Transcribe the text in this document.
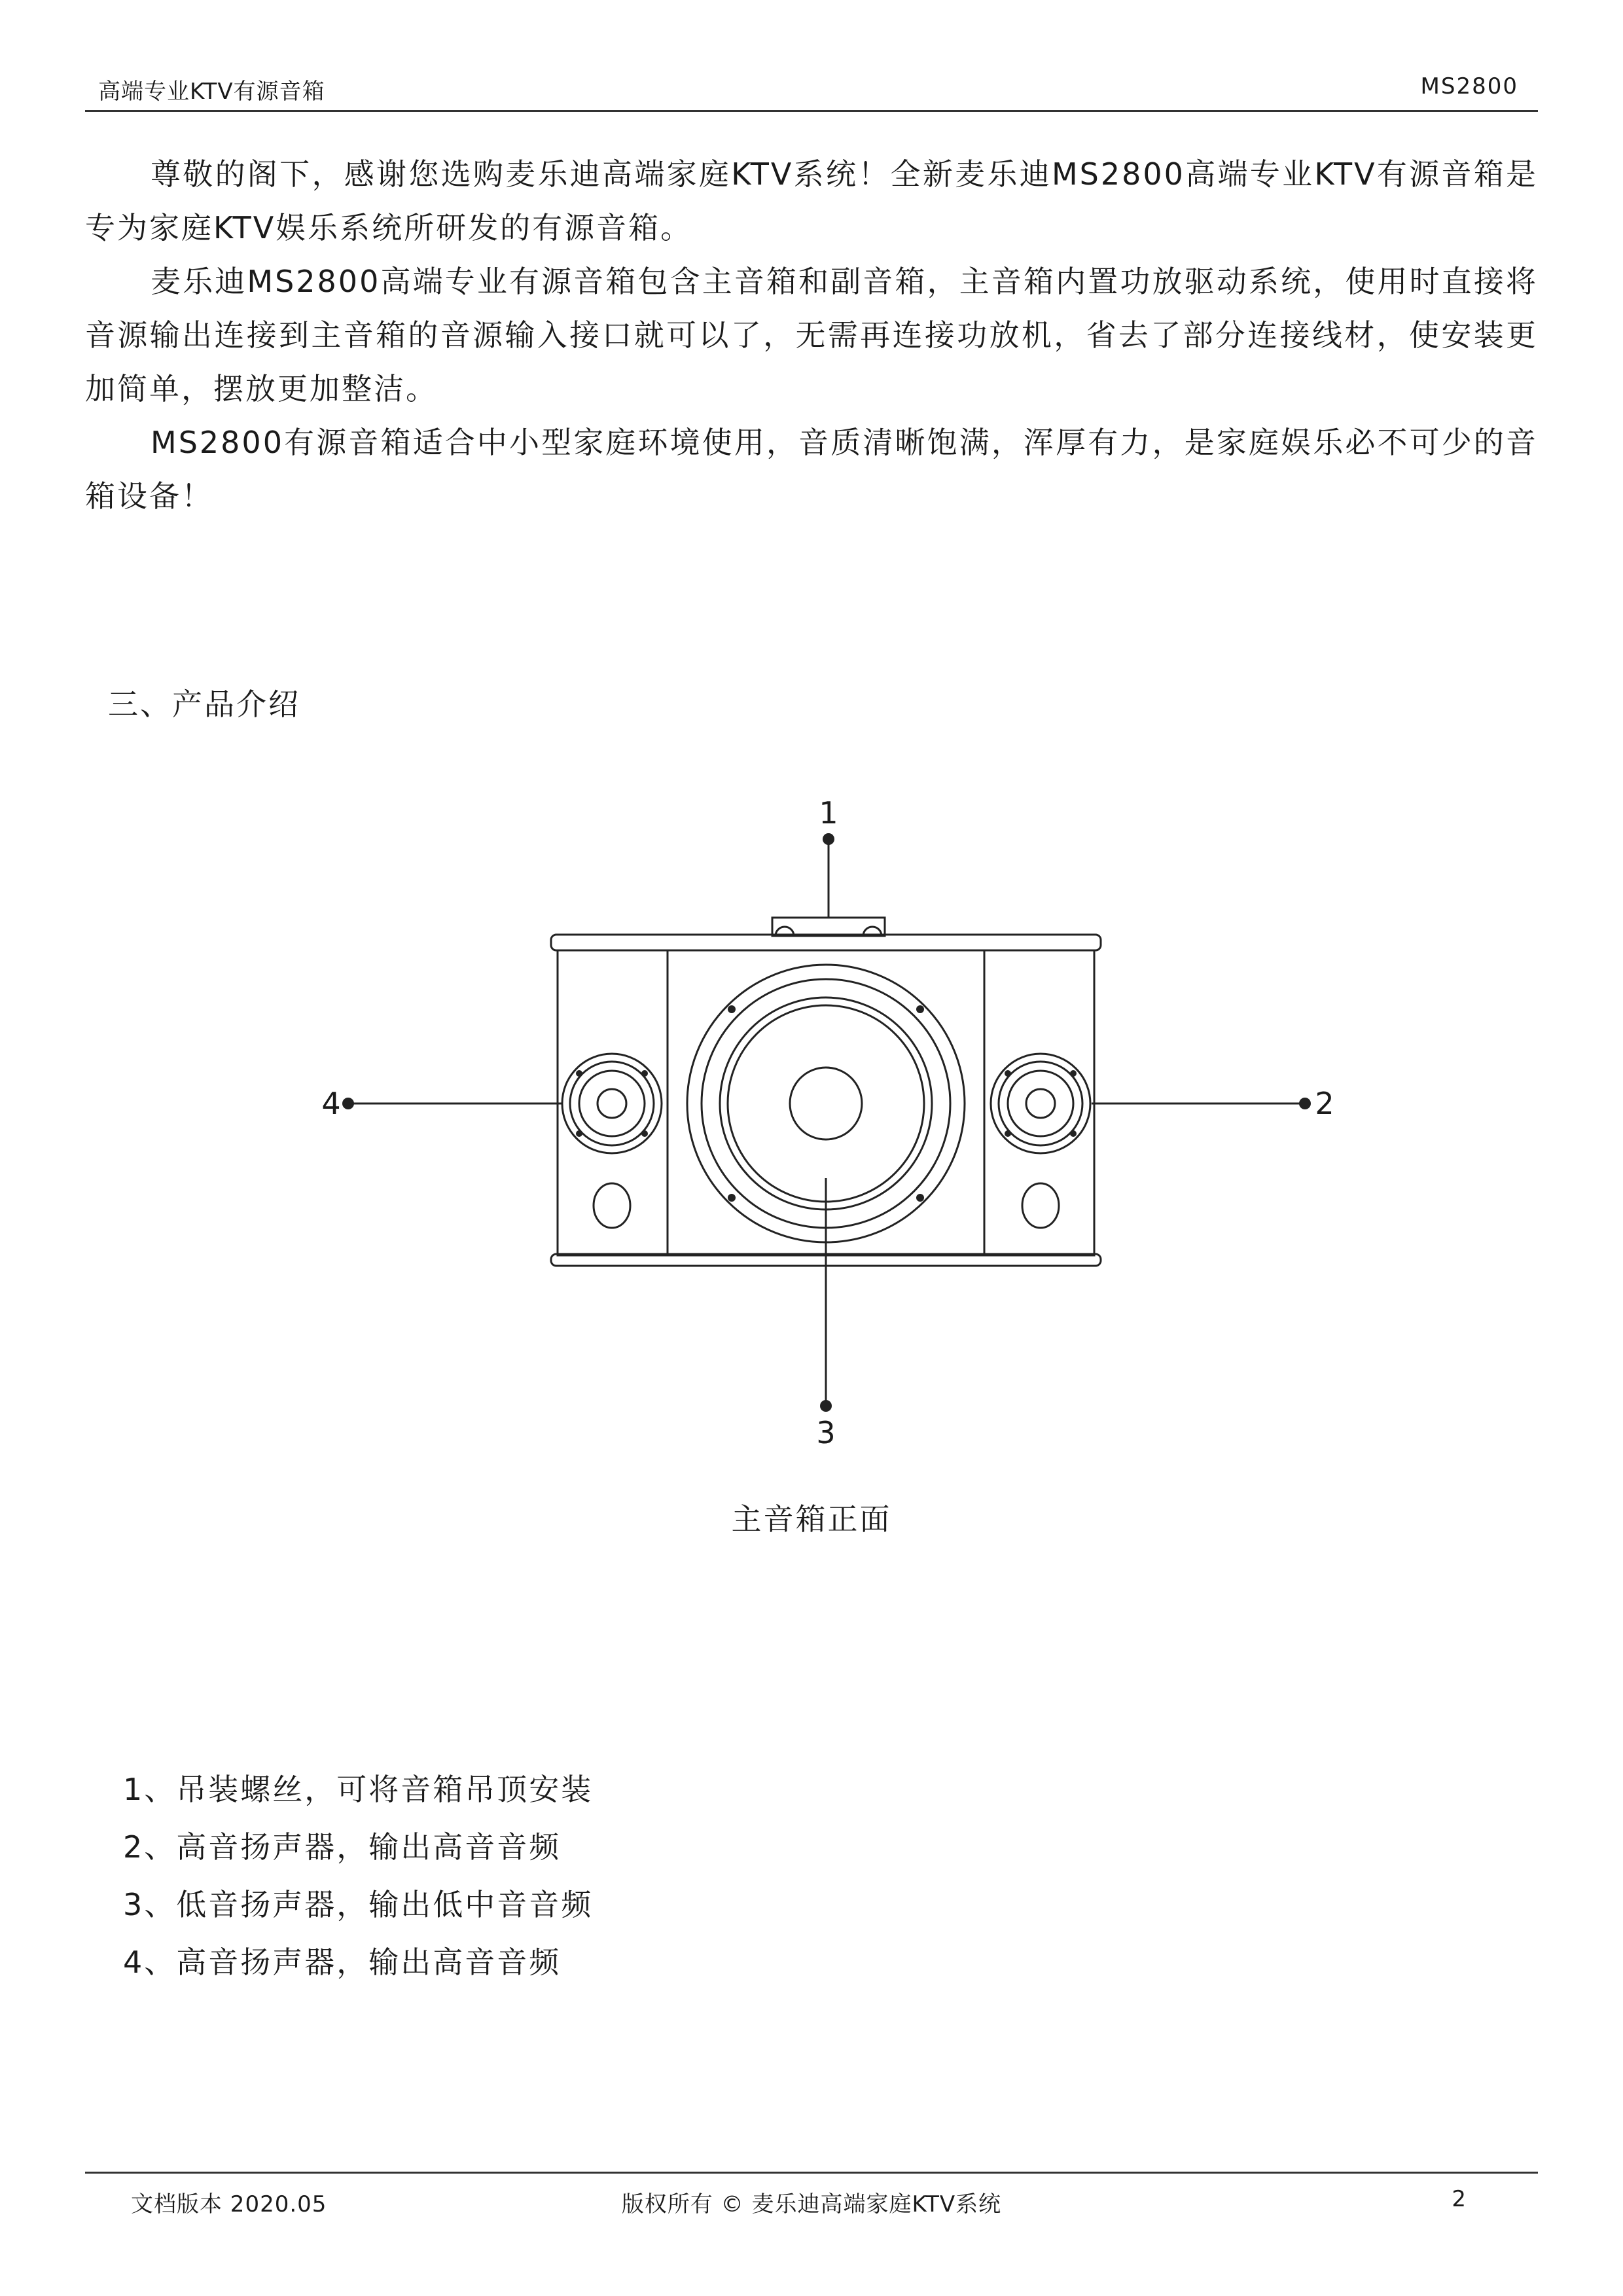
高端专业KTV有源音箱	MS2800

尊敬的阁下，感谢您选购麦乐迪高端家庭KTV系统！全新麦乐迪MS2800高端专业KTV有源音箱是专为家庭KTV娱乐系统所研发的有源音箱。

麦乐迪MS2800高端专业有源音箱包含主音箱和副音箱，主音箱内置功放驱动系统，使用时直接将音源输出连接到主音箱的音源输入接口就可以了，无需再连接功放机，省去了部分连接线材，使安装更加简单，摆放更加整洁。

MS2800有源音箱适合中小型家庭环境使用，音质清晰饱满，浑厚有力，是家庭娱乐必不可少的音箱设备！

三、产品介绍
1
2
3
4
主音箱正面
1、吊装螺丝，可将音箱吊顶安装
2、高音扬声器，输出高音音频
3、低音扬声器，输出低中音音频
4、高音扬声器，输出高音音频
文档版本 2020.05	版权所有 © 麦乐迪高端家庭KTV系统	2
